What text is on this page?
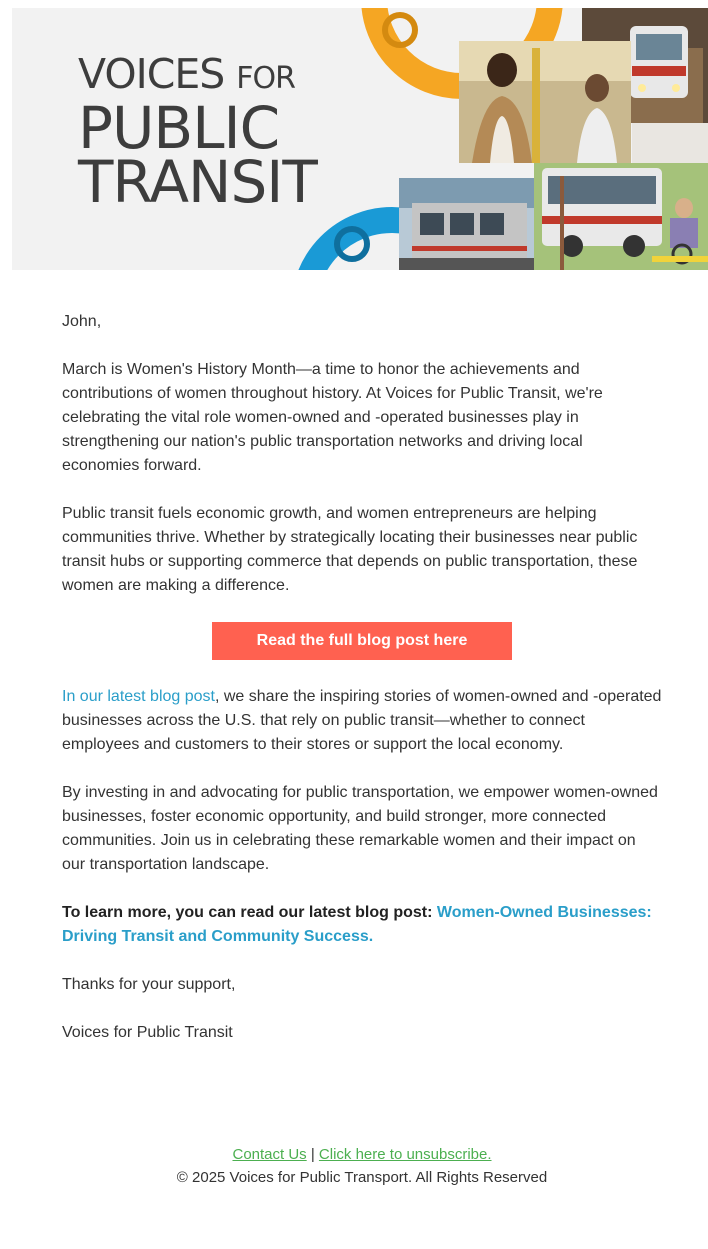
VOICES FOR
PUBLIC
TRANSIT

John,

March is Women's History Month—a time to honor the achievements and contributions of women throughout history. At Voices for Public Transit, we're celebrating the vital role women-owned and -operated businesses play in strengthening our nation's public transportation networks and driving local economies forward.

Public transit fuels economic growth, and women entrepreneurs are helping communities thrive. Whether by strategically locating their businesses near public transit hubs or supporting commerce that depends on public transportation, these women are making a difference.

Read the full blog post here

In our latest blog post, we share the inspiring stories of women-owned and -operated businesses across the U.S. that rely on public transit—whether to connect employees and customers to their stores or support the local economy.

By investing in and advocating for public transportation, we empower women-owned businesses, foster economic opportunity, and build stronger, more connected communities. Join us in celebrating these remarkable women and their impact on our transportation landscape.

To learn more, you can read our latest blog post: Women-Owned Businesses: Driving Transit and Community Success.

Thanks for your support,

Voices for Public Transit

Contact Us | Click here to unsubscribe.
© 2025 Voices for Public Transport. All Rights Reserved
